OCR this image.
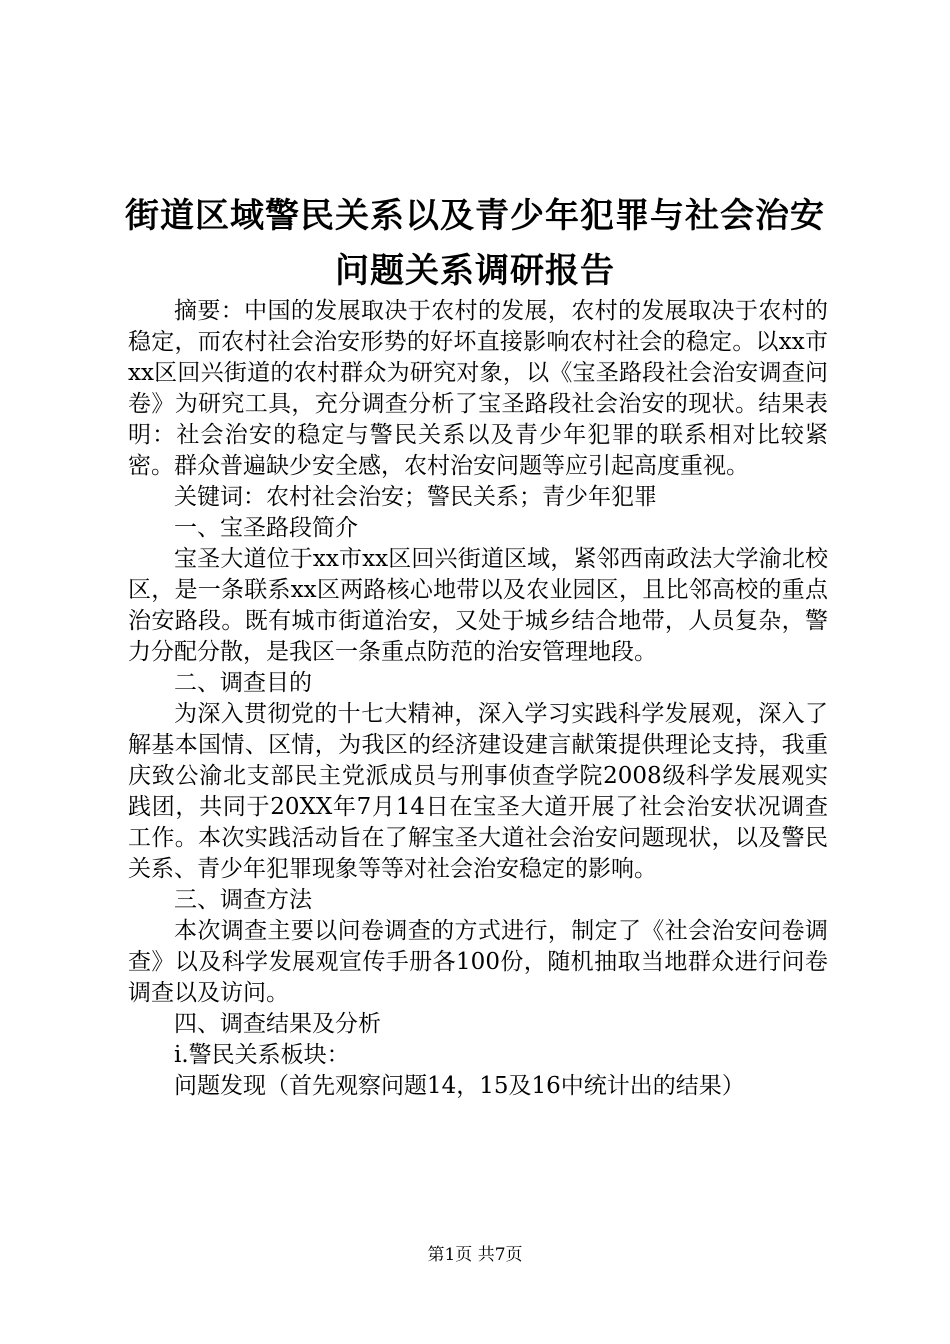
街道区域警民关系以及青少年犯罪与社会治安
问题关系调研报告

摘要：中国的发展取决于农村的发展，农村的发展取决于农村的稳定，而农村社会治安形势的好坏直接影响农村社会的稳定。以xx市xx区回兴街道的农村群众为研究对象，以《宝圣路段社会治安调查问卷》为研究工具，充分调查分析了宝圣路段社会治安的现状。结果表明：社会治安的稳定与警民关系以及青少年犯罪的联系相对比较紧密。群众普遍缺少安全感，农村治安问题等应引起高度重视。

关键词：农村社会治安；警民关系；青少年犯罪

一、宝圣路段简介

宝圣大道位于xx市xx区回兴街道区域，紧邻西南政法大学渝北校区，是一条联系xx区两路核心地带以及农业园区，且比邻高校的重点治安路段。既有城市街道治安，又处于城乡结合地带，人员复杂，警力分配分散，是我区一条重点防范的治安管理地段。

二、调查目的

为深入贯彻党的十七大精神，深入学习实践科学发展观，深入了解基本国情、区情，为我区的经济建设建言献策提供理论支持，我重庆致公渝北支部民主党派成员与刑事侦查学院2008级科学发展观实践团，共同于20XX年7月14日在宝圣大道开展了社会治安状况调查工作。本次实践活动旨在了解宝圣大道社会治安问题现状，以及警民关系、青少年犯罪现象等等对社会治安稳定的影响。

三、调查方法

本次调查主要以问卷调查的方式进行，制定了《社会治安问卷调查》以及科学发展观宣传手册各100份，随机抽取当地群众进行问卷调查以及访问。

四、调查结果及分析

i.警民关系板块：

问题发现（首先观察问题14，15及16中统计出的结果）

第1页 共7页
